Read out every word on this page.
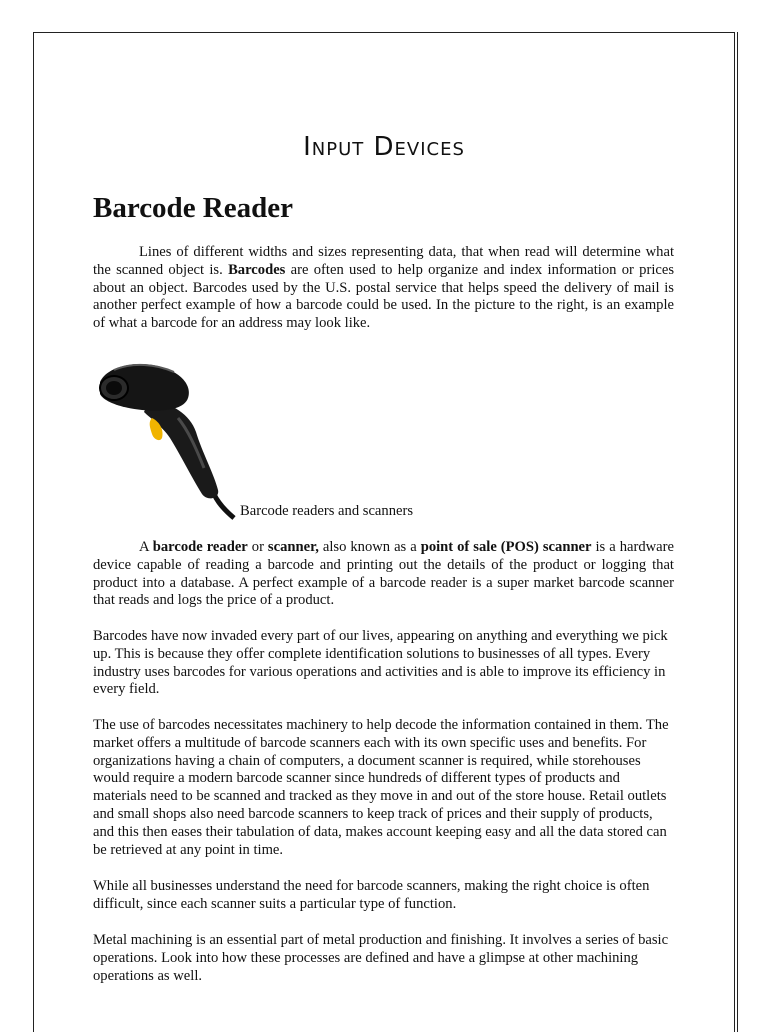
Input Devices
Barcode Reader

Lines of different widths and sizes representing data, that when read will determine what the scanned object is. Barcodes are often used to help organize and index information or prices about an object. Barcodes used by the U.S. postal service that helps speed the delivery of mail is another perfect example of how a barcode could be used. In the picture to the right, is an example of what a barcode for an address may look like.

Barcode readers and scanners

A barcode reader or scanner, also known as a point of sale (POS) scanner is a hardware device capable of reading a barcode and printing out the details of the product or logging that product into a database. A perfect example of a barcode reader is a super market barcode scanner that reads and logs the price of a product.

Barcodes have now invaded every part of our lives, appearing on anything and everything we pick up. This is because they offer complete identification solutions to businesses of all types. Every industry uses barcodes for various operations and activities and is able to improve its efficiency in every field.

The use of barcodes necessitates machinery to help decode the information contained in them. The market offers a multitude of barcode scanners each with its own specific uses and benefits. For organizations having a chain of computers, a document scanner is required, while storehouses would require a modern barcode scanner since hundreds of different types of products and materials need to be scanned and tracked as they move in and out of the store house. Retail outlets and small shops also need barcode scanners to keep track of prices and their supply of products, and this then eases their tabulation of data, makes account keeping easy and all the data stored can be retrieved at any point in time.

While all businesses understand the need for barcode scanners, making the right choice is often difficult, since each scanner suits a particular type of function.

Metal machining is an essential part of metal production and finishing. It involves a series of basic operations. Look into how these processes are defined and have a glimpse at other machining operations as well.
